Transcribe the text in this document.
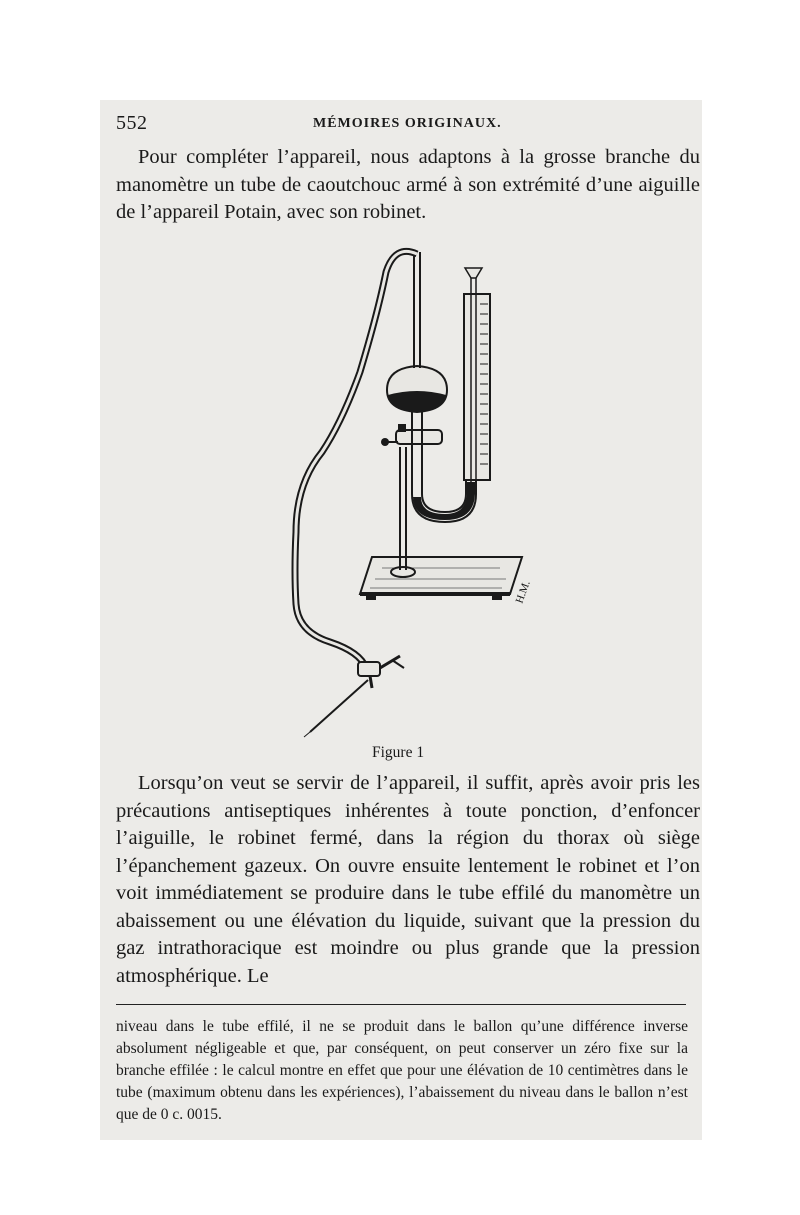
552	MÉMOIRES ORIGINAUX.

Pour compléter l’appareil, nous adaptons à la grosse branche du manomètre un tube de caoutchouc armé à son extrémité d’une aiguille de l’appareil Potain, avec son robinet.

H.M.
Figure 1

Lorsqu’on veut se servir de l’appareil, il suffit, après avoir pris les précautions antiseptiques inhérentes à toute ponction, d’enfoncer l’aiguille, le robinet fermé, dans la région du thorax où siège l’épanchement gazeux. On ouvre ensuite lentement le robinet et l’on voit immédiatement se produire dans le tube effilé du manomètre un abaissement ou une élévation du liquide, suivant que la pression du gaz intrathoracique est moindre ou plus grande que la pression atmosphérique. Le

niveau dans le tube effilé, il ne se produit dans le ballon qu’une différence inverse absolument négligeable et que, par conséquent, on peut conserver un zéro fixe sur la branche effilée : le calcul montre en effet que pour une élévation de 10 centimètres dans le tube (maximum obtenu dans les expériences), l’abaissement du niveau dans le ballon n’est que de 0 c. 0015.
